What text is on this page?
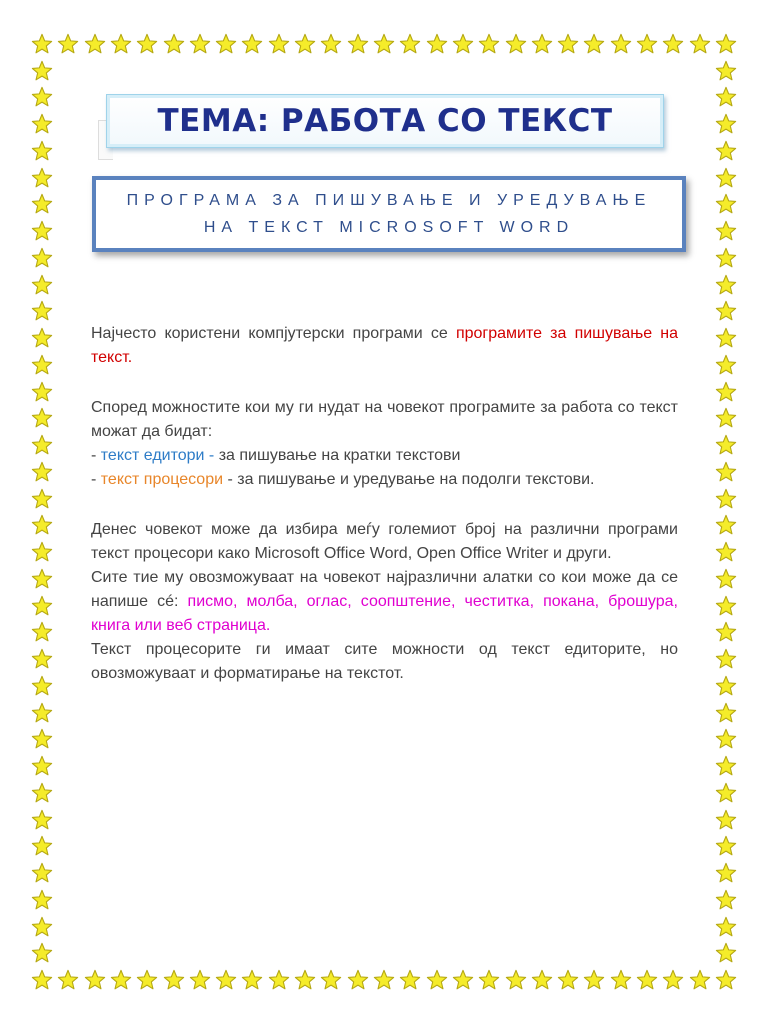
ТЕМА: РАБОТА СО ТЕКСТ
ПРОГРАМА ЗА ПИШУВАЊЕ И УРЕДУВАЊЕ
НА ТЕКСТ MICROSOFT WORD

Најчесто користени компјутерски програми се програмите за пишување на текст.

Според можностите кои му ги нудат на човекот програмите за работа со текст можат да бидат:

- текст едитори - за пишување на кратки текстови

- текст процесори - за пишување и уредување на подолги текстови.

Денес човекот може да избира меѓу големиот број на различни програми текст процесори како Microsoft Office Word, Open Office Writer и други.

Сите тие му овозможуваат на човекот најразлични алатки со кои може да се напише сé: писмо, молба, оглас, соопштение, честитка, покана, брошура, книга или веб страница.

Текст процесорите ги имаат сите можности од текст едиторите, но овозможуваат и форматирање на текстот.
